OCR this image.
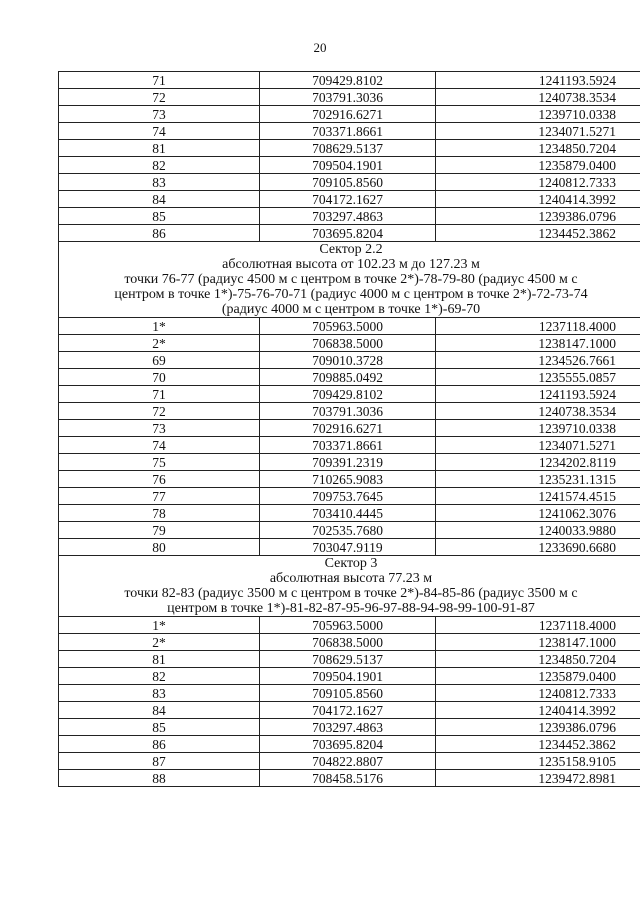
20
71	709429.8102	1241193.5924
72	703791.3036	1240738.3534
73	702916.6271	1239710.0338
74	703371.8661	1234071.5271
81	708629.5137	1234850.7204
82	709504.1901	1235879.0400
83	709105.8560	1240812.7333
84	704172.1627	1240414.3992
85	703297.4863	1239386.0796
86	703695.8204	1234452.3862

Сектор 2.2
абсолютная высота от 102.23 м до 127.23 м
точки 76-77 (радиус 4500 м с центром в точке 2*)-78-79-80 (радиус 4500 м с
центром в точке 1*)-75-76-70-71 (радиус 4000 м с центром в точке 2*)-72-73-74
(радиус 4000 м с центром в точке 1*)-69-70		

1*	705963.5000	1237118.4000
2*	706838.5000	1238147.1000
69	709010.3728	1234526.7661
70	709885.0492	1235555.0857
71	709429.8102	1241193.5924
72	703791.3036	1240738.3534
73	702916.6271	1239710.0338
74	703371.8661	1234071.5271
75	709391.2319	1234202.8119
76	710265.9083	1235231.1315
77	709753.7645	1241574.4515
78	703410.4445	1241062.3076
79	702535.7680	1240033.9880
80	703047.9119	1233690.6680

Сектор 3
абсолютная высота 77.23 м
точки 82-83 (радиус 3500 м с центром в точке 2*)-84-85-86 (радиус 3500 м с
центром в точке 1*)-81-82-87-95-96-97-88-94-98-99-100-91-87		

1*	705963.5000	1237118.4000
2*	706838.5000	1238147.1000
81	708629.5137	1234850.7204
82	709504.1901	1235879.0400
83	709105.8560	1240812.7333
84	704172.1627	1240414.3992
85	703297.4863	1239386.0796
86	703695.8204	1234452.3862
87	704822.8807	1235158.9105
88	708458.5176	1239472.8981
